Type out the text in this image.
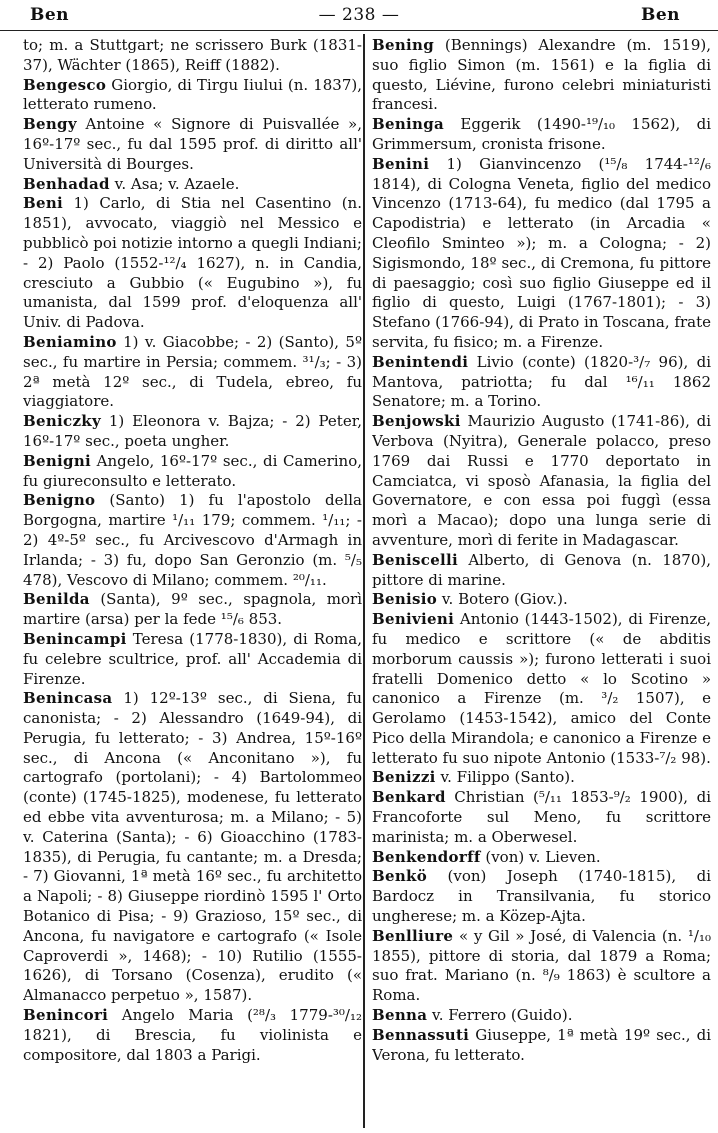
Ben	— 238 —	Ben

to; m. a Stuttgart; ne scrissero Burk (1831-37), Wächter (1865), Reiff (1882).

Bengesco Giorgio, di Tirgu Iiului (n. 1837), letterato rumeno.

Bengy Antoine « Signore di Puisvallée », 16º-17º sec., fu dal 1595 prof. di diritto all' Università di Bourges.

Benhadad v. Asa; v. Azaele.

Beni 1) Carlo, di Stia nel Casentino (n. 1851), avvocato, viaggiò nel Messico e pubblicò poi notizie intorno a quegli Indiani; - 2) Paolo (1552-¹²/₄ 1627), n. in Candia, cresciuto a Gubbio (« Eugubino »), fu umanista, dal 1599 prof. d'eloquenza all' Univ. di Padova.

Beniamino 1) v. Giacobbe; - 2) (Santo), 5º sec., fu martire in Persia; commem. ³¹/₃; - 3) 2ª metà 12º sec., di Tudela, ebreo, fu viaggiatore.

Beniczky 1) Eleonora v. Bajza; - 2) Peter, 16º-17º sec., poeta ungher.

Benigni Angelo, 16º-17º sec., di Camerino, fu giureconsulto e letterato.

Benigno (Santo) 1) fu l'apostolo della Borgogna, martire ¹/₁₁ 179; commem. ¹/₁₁; - 2) 4º-5º sec., fu Arcivescovo d'Armagh in Irlanda; - 3) fu, dopo San Geronzio (m. ⁵/₅ 478), Vescovo di Milano; commem. ²⁰/₁₁.

Benilda (Santa), 9º sec., spagnola, morì martire (arsa) per la fede ¹⁵/₆ 853.

Benincampi Teresa (1778-1830), di Roma, fu celebre scultrice, prof. all' Accademia di Firenze.

Benincasa 1) 12º-13º sec., di Siena, fu canonista; - 2) Alessandro (1649-94), di Perugia, fu letterato; - 3) Andrea, 15º-16º sec., di Ancona (« Anconitano »), fu cartografo (portolani); - 4) Bartolommeo (conte) (1745-1825), modenese, fu letterato ed ebbe vita avventurosa; m. a Milano; - 5) v. Caterina (Santa); - 6) Gioacchino (1783-1835), di Perugia, fu cantante; m. a Dresda; - 7) Giovanni, 1ª metà 16º sec., fu architetto a Napoli; - 8) Giuseppe riordinò 1595 l' Orto Botanico di Pisa; - 9) Grazioso, 15º sec., di Ancona, fu navigatore e cartografo (« Isole Caproverdi », 1468); - 10) Rutilio (1555-1626), di Torsano (Cosenza), erudito (« Almanacco perpetuo », 1587).

Benincori Angelo Maria (²⁸/₃ 1779-³⁰/₁₂ 1821), di Brescia, fu violinista e compositore, dal 1803 a Parigi.

Bening (Bennings) Alexandre (m. 1519), suo figlio Simon (m. 1561) e la figlia di questo, Liévine, furono celebri miniaturisti francesi.

Beninga Eggerik (1490-¹⁹/₁₀ 1562), di Grimmersum, cronista frisone.

Benini 1) Gianvincenzo (¹⁵/₈ 1744-¹²/₆ 1814), di Cologna Veneta, figlio del medico Vincenzo (1713-64), fu medico (dal 1795 a Capodistria) e letterato (in Arcadia « Cleofilo Sminteo »); m. a Cologna; - 2) Sigismondo, 18º sec., di Cremona, fu pittore di paesaggio; così suo figlio Giuseppe ed il figlio di questo, Luigi (1767-1801); - 3) Stefano (1766-94), di Prato in Toscana, frate servita, fu fisico; m. a Firenze.

Benintendi Livio (conte) (1820-³/₇ 96), di Mantova, patriotta; fu dal ¹⁶/₁₁ 1862 Senatore; m. a Torino.

Benjowski Maurizio Augusto (1741-86), di Verbova (Nyitra), Generale polacco, preso 1769 dai Russi e 1770 deportato in Camciatca, vi sposò Afanasia, la figlia del Governatore, e con essa poi fuggì (essa morì a Macao); dopo una lunga serie di avventure, morì di ferite in Madagascar.

Beniscelli Alberto, di Genova (n. 1870), pittore di marine.

Benisio v. Botero (Giov.).

Benivieni Antonio (1443-1502), di Firenze, fu medico e scrittore (« de abditis morborum caussis »); furono letterati i suoi fratelli Domenico detto « lo Scotino » canonico a Firenze (m. ³/₂ 1507), e Gerolamo (1453-1542), amico del Conte Pico della Mirandola; e canonico a Firenze e letterato fu suo nipote Antonio (1533-⁷/₂ 98).

Benizzi v. Filippo (Santo).

Benkard Christian (⁵/₁₁ 1853-⁹/₂ 1900), di Francoforte sul Meno, fu scrittore marinista; m. a Oberwesel.

Benkendorff (von) v. Lieven.

Benkö (von) Joseph (1740-1815), di Bardocz in Transilvania, fu storico ungherese; m. a Közep-Ajta.

Benlliure « y Gil » José, di Valencia (n. ¹/₁₀ 1855), pittore di storia, dal 1879 a Roma; suo frat. Mariano (n. ⁸/₉ 1863) è scultore a Roma.

Benna v. Ferrero (Guido).

Bennassuti Giuseppe, 1ª metà 19º sec., di Verona, fu letterato.
